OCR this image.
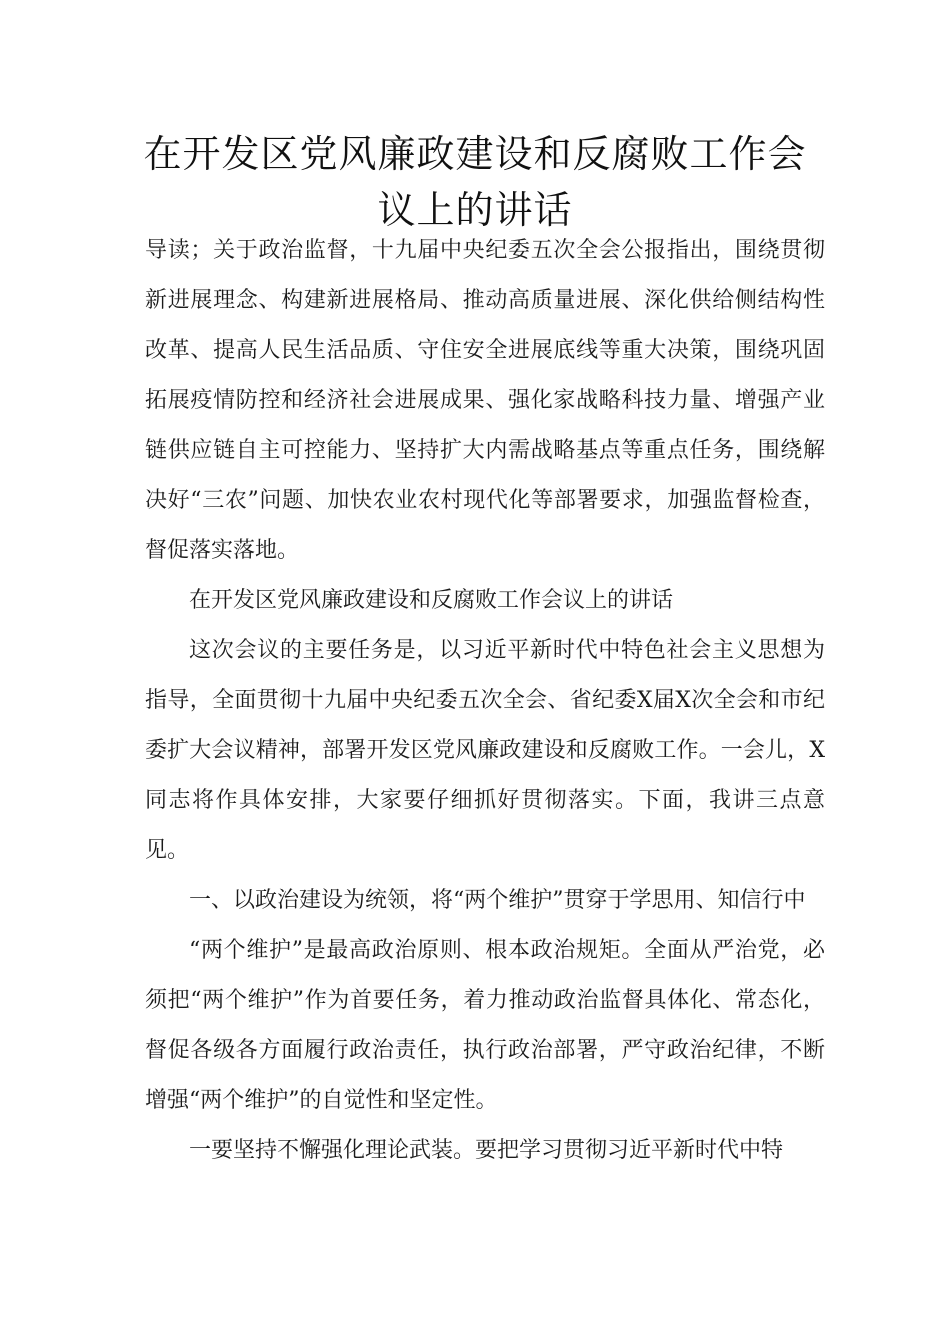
在开发区党风廉政建设和反腐败工作会
议上的讲话

导读；关于政治监督，十九届中央纪委五次全会公报指出，围绕贯彻新进展理念、构建新进展格局、推动高质量进展、深化供给侧结构性改革、提高人民生活品质、守住安全进展底线等重大决策，围绕巩固拓展疫情防控和经济社会进展成果、强化家战略科技力量、增强产业链供应链自主可控能力、坚持扩大内需战略基点等重点任务，围绕解决好“三农”问题、加快农业农村现代化等部署要求，加强监督检查，督促落实落地。

在开发区党风廉政建设和反腐败工作会议上的讲话

这次会议的主要任务是，以习近平新时代中特色社会主义思想为指导，全面贯彻十九届中央纪委五次全会、省纪委X届X次全会和市纪委扩大会议精神，部署开发区党风廉政建设和反腐败工作。一会儿，X同志将作具体安排，大家要仔细抓好贯彻落实。下面，我讲三点意见。

一、以政治建设为统领，将“两个维护”贯穿于学思用、知信行中

“两个维护”是最高政治原则、根本政治规矩。全面从严治党，必须把“两个维护”作为首要任务，着力推动政治监督具体化、常态化，督促各级各方面履行政治责任，执行政治部署，严守政治纪律，不断增强“两个维护”的自觉性和坚定性。

一要坚持不懈强化理论武装。要把学习贯彻习近平新时代中特
